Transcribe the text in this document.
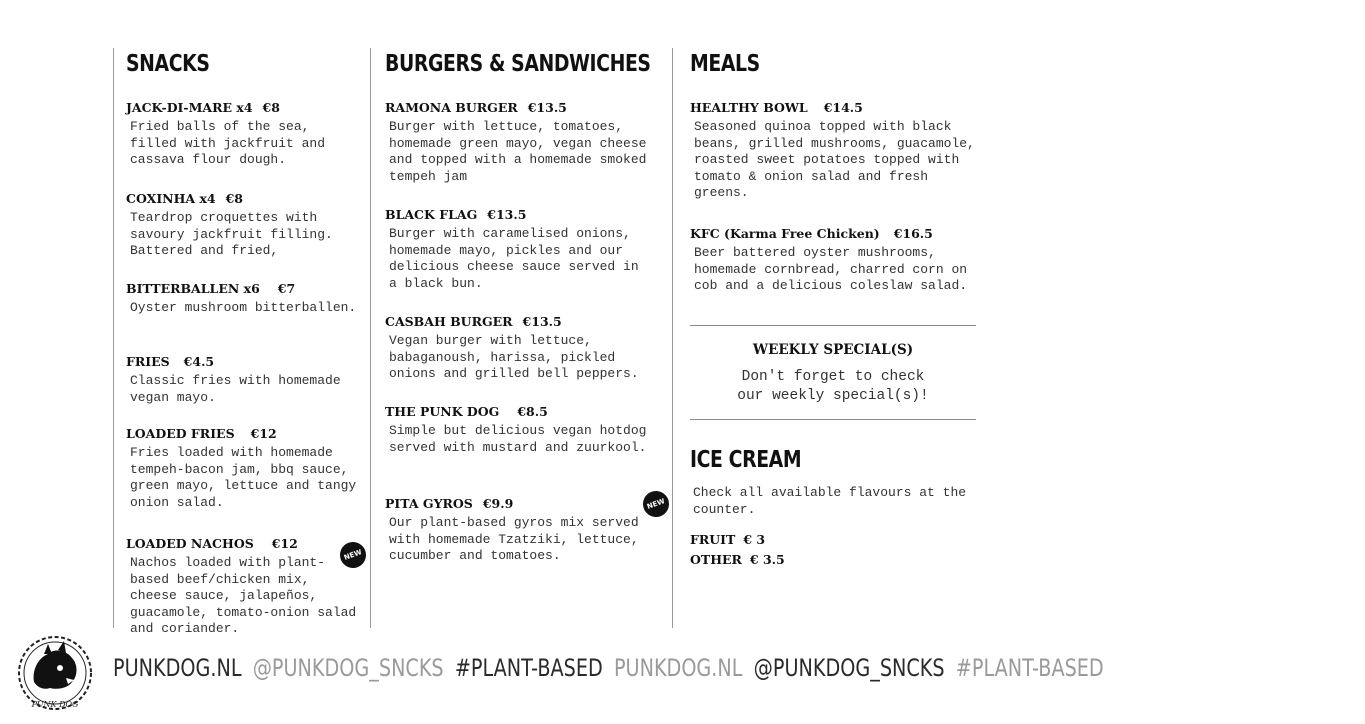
SNACKS
JACK-DI-MARE x4 €8
Fried balls of the sea, filled with jackfruit and cassava flour dough.
COXINHA x4 €8
Teardrop croquettes with savoury jackfruit filling. Battered and fried,
BITTERBALLEN x6 €7
Oyster mushroom bitterballen.
FRIES €4.5
Classic fries with homemade vegan mayo.
LOADED FRIES €12
Fries loaded with homemade tempeh-bacon jam, bbq sauce, green mayo, lettuce and tangy onion salad.
LOADED NACHOS €12
Nachos loaded with plant-based beef/chicken mix, cheese sauce, jalapeños, guacamole, tomato-onion salad and coriander.
NEW
BURGERS & SANDWICHES
RAMONA BURGER €13.5
Burger with lettuce, tomatoes, homemade green mayo, vegan cheese and topped with a homemade smoked tempeh jam
BLACK FLAG €13.5
Burger with caramelised onions, homemade mayo, pickles and our delicious cheese sauce served in a black bun.
CASBAH BURGER €13.5
Vegan burger with lettuce, babaganoush, harissa, pickled onions and grilled bell peppers.
THE PUNK DOG €8.5
Simple but delicious vegan hotdog served with mustard and zuurkool.
PITA GYROS €9.9
Our plant-based gyros mix served with homemade Tzatziki, lettuce, cucumber and tomatoes.
NEW
MEALS
HEALTHY BOWL €14.5
Seasoned quinoa topped with black beans, grilled mushrooms, guacamole, roasted sweet potatoes topped with tomato & onion salad and fresh greens.
KFC (Karma Free Chicken) €16.5
Beer battered oyster mushrooms, homemade cornbread, charred corn on cob and a delicious coleslaw salad.
WEEKLY SPECIAL(S)
Don't forget to check our weekly special(s)!
ICE CREAM
Check all available flavours at the counter.
FRUIT € 3
OTHER € 3.5
PUNK DOG
PUNKDOG.NL @PUNKDOG_SNCKS #PLANT-BASED PUNKDOG.NL @PUNKDOG_SNCKS #PLANT-BASED
